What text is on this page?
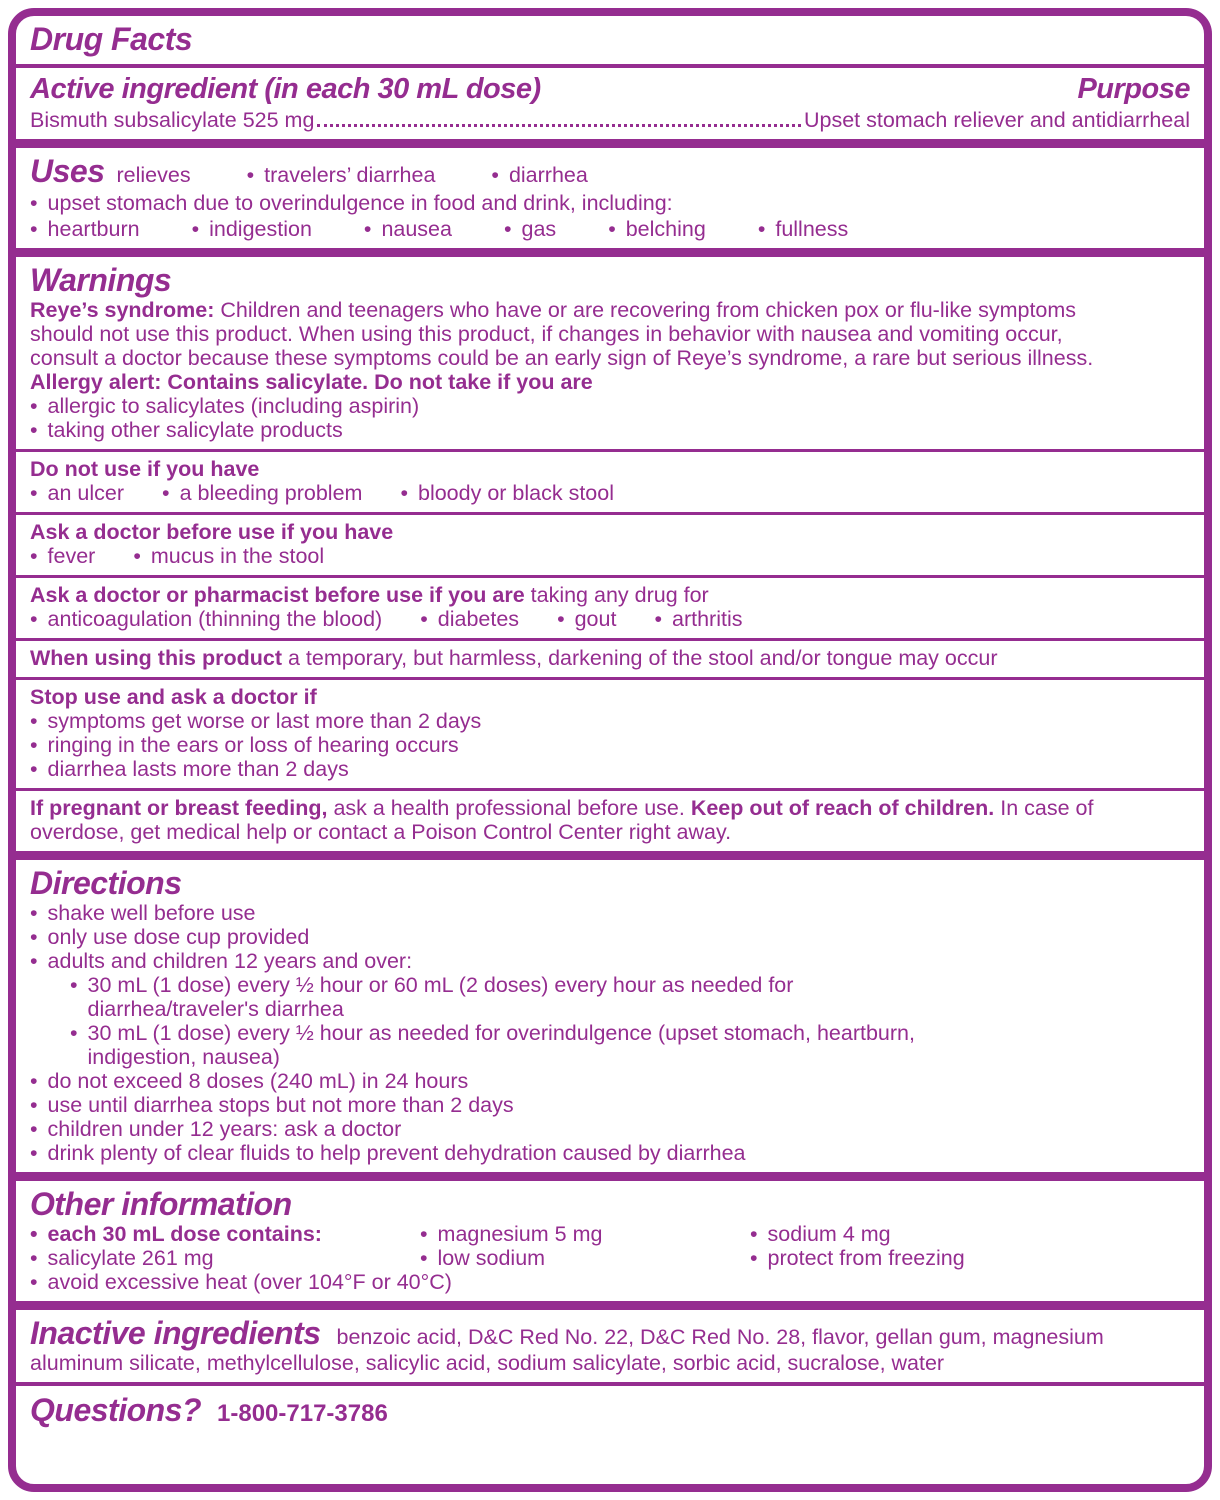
Drug Facts
Active ingredient (in each 30 mL dose)	Purpose
Bismuth subsalicylate 525 mg	Upset stomach reliever and antidiarrheal
Uses relieves	• travelers’ diarrhea	• diarrhea
• upset stomach due to overindulgence in food and drink, including:
• heartburn	• indigestion	• nausea	• gas	• belching	• fullness
Warnings

Reye’s syndrome: Children and teenagers who have or are recovering from chicken pox or flu-like symptoms should not use this product. When using this product, if changes in behavior with nausea and vomiting occur, consult a doctor because these symptoms could be an early sign of Reye’s syndrome, a rare but serious illness.

Allergy alert: Contains salicylate. Do not take if you are
• allergic to salicylates (including aspirin)
• taking other salicylate products
Do not use if you have
• an ulcer	• a bleeding problem	• bloody or black stool
Ask a doctor before use if you have
• fever	• mucus in the stool
Ask a doctor or pharmacist before use if you are taking any drug for
• anticoagulation (thinning the blood)	• diabetes	• gout	• arthritis

When using this product a temporary, but harmless, darkening of the stool and/or tongue may occur

Stop use and ask a doctor if
• symptoms get worse or last more than 2 days
• ringing in the ears or loss of hearing occurs
• diarrhea lasts more than 2 days

If pregnant or breast feeding, ask a health professional before use. Keep out of reach of children. In case of overdose, get medical help or contact a Poison Control Center right away.

Directions
• shake well before use
• only use dose cup provided
• adults and children 12 years and over:
• 30 mL (1 dose) every ½ hour or 60 mL (2 doses) every hour as needed for diarrhea/traveler's diarrhea
• 30 mL (1 dose) every ½ hour as needed for overindulgence (upset stomach, heartburn, indigestion, nausea)
• do not exceed 8 doses (240 mL) in 24 hours
• use until diarrhea stops but not more than 2 days
• children under 12 years: ask a doctor
• drink plenty of clear fluids to help prevent dehydration caused by diarrhea
Other information
• each 30 mL dose contains:	• magnesium 5 mg	• sodium 4 mg
• salicylate 261 mg	• low sodium	• protect from freezing
• avoid excessive heat (over 104°F or 40°C)

Inactive ingredients benzoic acid, D&C Red No. 22, D&C Red No. 28, flavor, gellan gum, magnesium aluminum silicate, methylcellulose, salicylic acid, sodium salicylate, sorbic acid, sucralose, water

Questions? 1-800-717-3786
